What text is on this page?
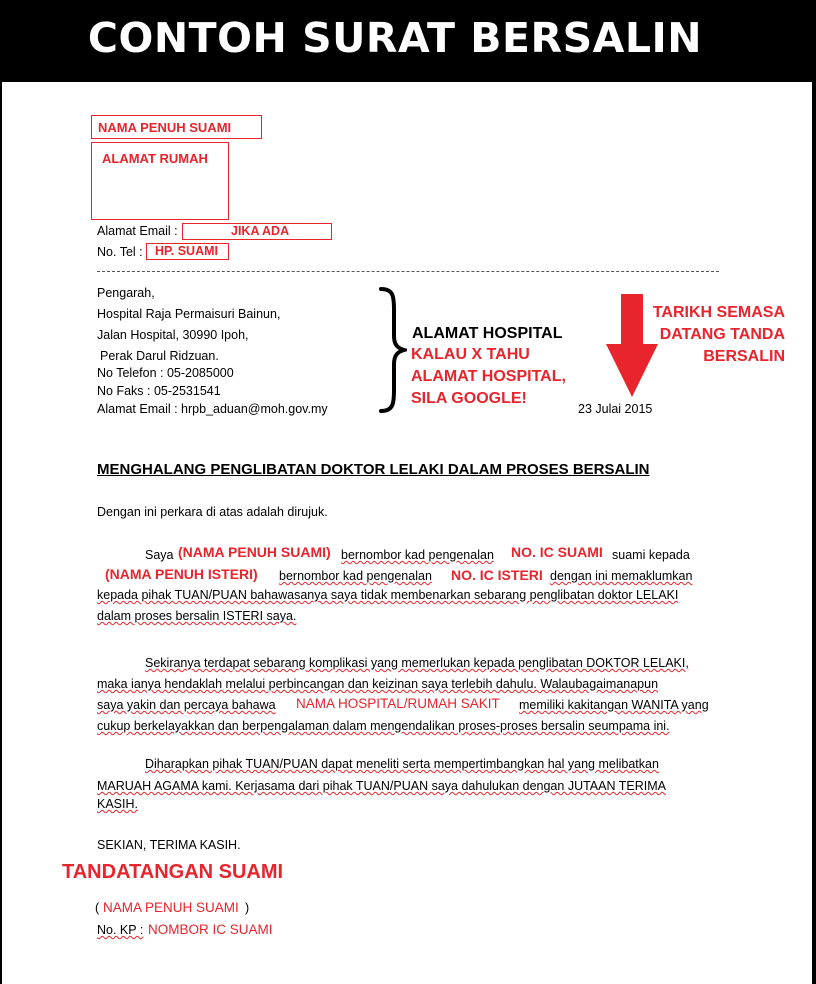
CONTOH SURAT BERSALIN
NAMA PENUH SUAMI
ALAMAT RUMAH
Alamat Email :	JIKA ADA
No. Tel : HP. SUAMI
Pengarah,
Hospital Raja Permaisuri Bainun,
Jalan Hospital, 30990 Ipoh,
Perak Darul Ridzuan.
No Telefon : 05-2085000
No Faks : 05-2531541
Alamat Email : hrpb_aduan@moh.gov.my
ALAMAT HOSPITAL
KALAU X TAHU
ALAMAT HOSPITAL,
SILA GOOGLE!
TARIKH SEMASA
DATANG TANDA
BERSALIN
23 Julai 2015
MENGHALANG PENGLIBATAN DOKTOR LELAKI DALAM PROSES BERSALIN
Dengan ini perkara di atas adalah dirujuk.
Saya (NAMA PENUH SUAMI) bernombor kad pengenalan NO. IC SUAMI suami kepada
(NAMA PENUH ISTERI) bernombor kad pengenalan NO. IC ISTERI dengan ini memaklumkan
kepada pihak TUAN/PUAN bahawasanya saya tidak membenarkan sebarang penglibatan doktor LELAKI
dalam proses bersalin ISTERI saya.
Sekiranya terdapat sebarang komplikasi yang memerlukan kepada penglibatan DOKTOR LELAKI,
maka ianya hendaklah melalui perbincangan dan keizinan saya terlebih dahulu. Walaubagaimanapun
saya yakin dan percaya bahawa NAMA HOSPITAL/RUMAH SAKIT memiliki kakitangan WANITA yang
cukup berkelayakkan dan berpengalaman dalam mengendalikan proses-proses bersalin seumpama ini.
Diharapkan pihak TUAN/PUAN dapat meneliti serta mempertimbangkan hal yang melibatkan
MARUAH AGAMA kami. Kerjasama dari pihak TUAN/PUAN saya dahulukan dengan JUTAAN TERIMA
KASIH.
SEKIAN, TERIMA KASIH.
TANDATANGAN SUAMI
( NAMA PENUH SUAMI )
No. KP : NOMBOR IC SUAMI
